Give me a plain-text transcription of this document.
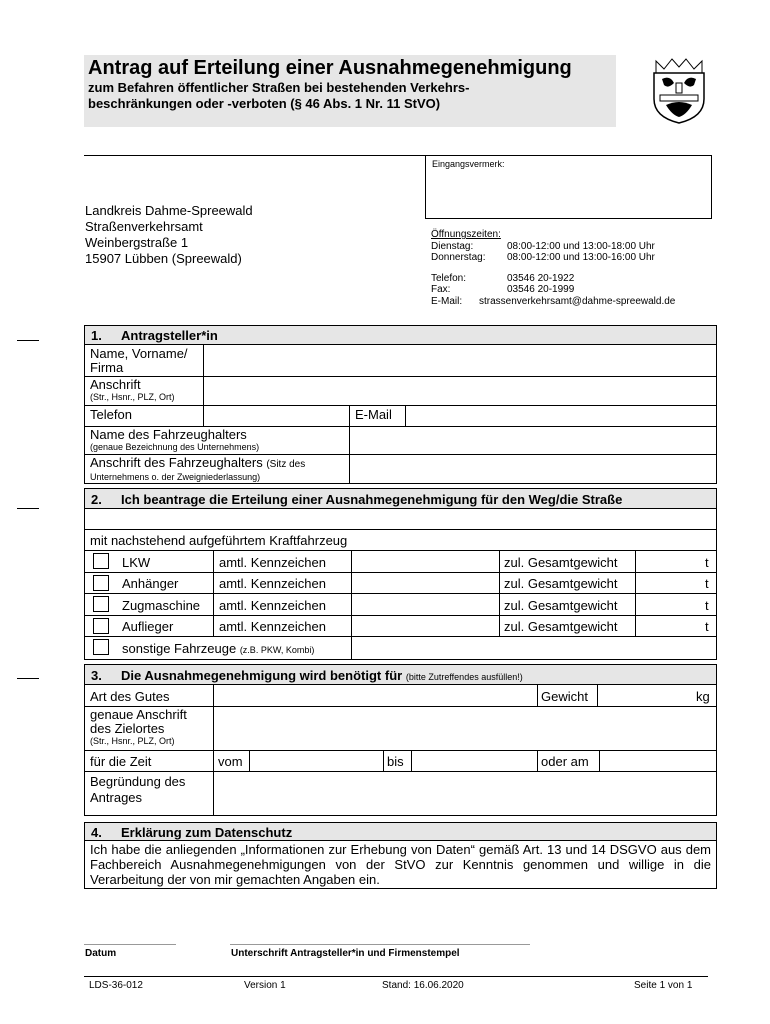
Antrag auf Erteilung einer Ausnahmegenehmigung
zum Befahren öffentlicher Straßen bei bestehenden Verkehrs-
beschränkungen oder -verboten (§ 46 Abs. 1 Nr. 11 StVO)
Landkreis Dahme-Spreewald
Straßenverkehrsamt
Weinbergstraße 1
15907 Lübben (Spreewald)
Eingangsvermerk:
Öffnungszeiten:
Dienstag:	08:00-12:00 und 13:00-18:00 Uhr
Donnerstag:	08:00-12:00 und 13:00-16:00 Uhr
Telefon:	03546 20-1922
Fax:	03546 20-1999
E-Mail:	strassenverkehrsamt@dahme-spreewald.de
1. Antragsteller*in
Name, Vorname/
Firma
Anschrift
(Str., Hsnr., PLZ, Ort)
Telefon	E-Mail
Name des Fahrzeughalters
(genaue Bezeichnung des Unternehmens)
Anschrift des Fahrzeughalters (Sitz des
Unternehmens o. der Zweigniederlassung)
2. Ich beantrage die Erteilung einer Ausnahmegenehmigung für den Weg/die Straße
mit nachstehend aufgeführtem Kraftfahrzeug
LKW	amtl. Kennzeichen	zul. Gesamtgewicht	t
Anhänger	amtl. Kennzeichen	zul. Gesamtgewicht	t
Zugmaschine amtl. Kennzeichen	zul. Gesamtgewicht	t
Auflieger	amtl. Kennzeichen	zul. Gesamtgewicht	t
sonstige Fahrzeuge (z.B. PKW, Kombi)
3. Die Ausnahmegenehmigung wird benötigt für (bitte Zutreffendes ausfüllen!)
Art des Gutes	Gewicht	kg
genaue Anschrift
des Zielortes
(Str., Hsnr., PLZ, Ort)
für die Zeit	vom	bis	oder am
Begründung des
Antrages
4. Erklärung zum Datenschutz
Ich habe die anliegenden „Informationen zur Erhebung von Daten“ gemäß Art. 13 und 14 DSGVO aus dem Fachbereich Ausnahmegenehmigungen von der StVO zur Kenntnis genommen und willige in die Verarbeitung der von mir gemachten Angaben ein.
Datum	Unterschrift Antragsteller*in und Firmenstempel
LDS-36-012	Version 1	Stand: 16.06.2020	Seite 1 von 1
